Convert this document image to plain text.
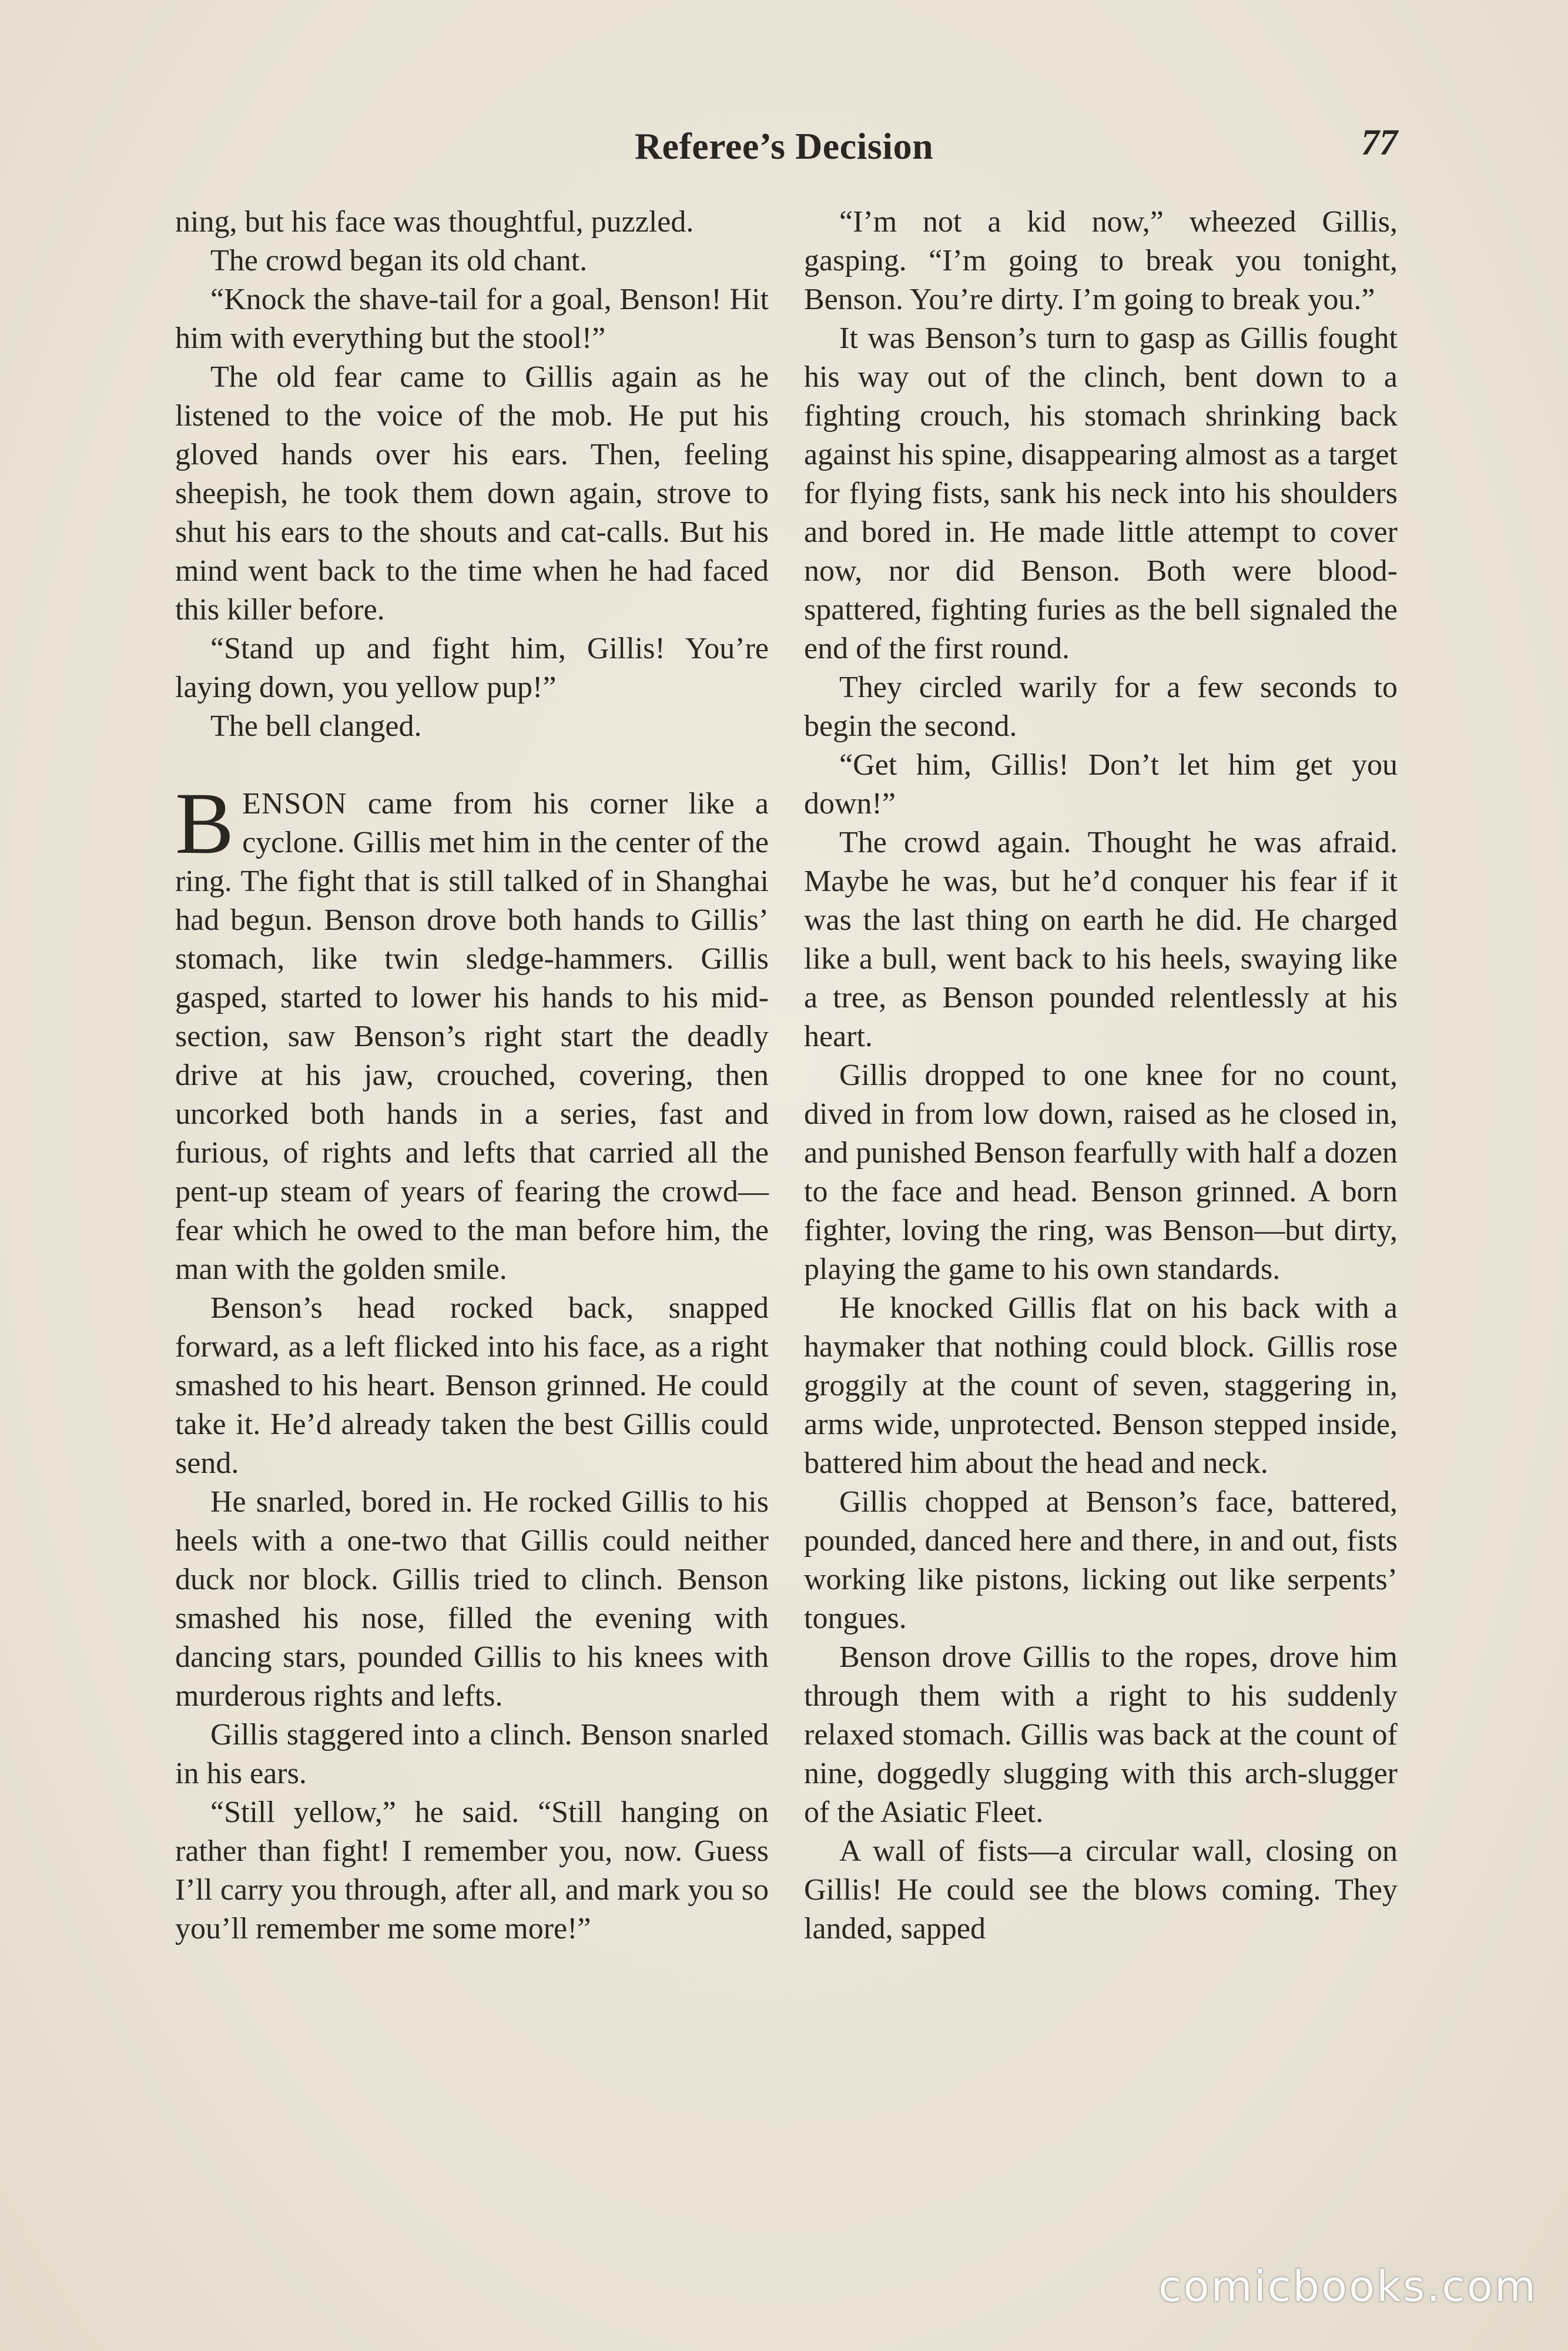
Referee’s Decision	77

ning, but his face was thoughtful, puzzled.

The crowd began its old chant.

“Knock the shave-tail for a goal, Benson! Hit him with everything but the stool!”

The old fear came to Gillis again as he listened to the voice of the mob. He put his gloved hands over his ears. Then, feeling sheepish, he took them down again, strove to shut his ears to the shouts and cat-calls. But his mind went back to the time when he had faced this killer before.

“Stand up and fight him, Gillis! You’re laying down, you yellow pup!”

The bell clanged.

BENSON came from his corner like a cyclone. Gillis met him in the center of the ring. The fight that is still talked of in Shanghai had begun. Benson drove both hands to Gillis’ stomach, like twin sledge-hammers. Gillis gasped, started to lower his hands to his mid-section, saw Benson’s right start the deadly drive at his jaw, crouched, covering, then uncorked both hands in a series, fast and furious, of rights and lefts that carried all the pent-up steam of years of fearing the crowd—fear which he owed to the man before him, the man with the golden smile.

Benson’s head rocked back, snapped forward, as a left flicked into his face, as a right smashed to his heart. Benson grinned. He could take it. He’d already taken the best Gillis could send.

He snarled, bored in. He rocked Gillis to his heels with a one-two that Gillis could neither duck nor block. Gillis tried to clinch. Benson smashed his nose, filled the evening with dancing stars, pounded Gillis to his knees with murderous rights and lefts.

Gillis staggered into a clinch. Benson snarled in his ears.

“Still yellow,” he said. “Still hanging on rather than fight! I remember you, now. Guess I’ll carry you through, after all, and mark you so you’ll remember me some more!”

“I’m not a kid now,” wheezed Gillis, gasping. “I’m going to break you tonight, Benson. You’re dirty. I’m going to break you.”

It was Benson’s turn to gasp as Gillis fought his way out of the clinch, bent down to a fighting crouch, his stomach shrinking back against his spine, disappearing almost as a target for flying fists, sank his neck into his shoulders and bored in. He made little attempt to cover now, nor did Benson. Both were blood-spattered, fighting furies as the bell signaled the end of the first round.

They circled warily for a few seconds to begin the second.

“Get him, Gillis! Don’t let him get you down!”

The crowd again. Thought he was afraid. Maybe he was, but he’d conquer his fear if it was the last thing on earth he did. He charged like a bull, went back to his heels, swaying like a tree, as Benson pounded relentlessly at his heart.

Gillis dropped to one knee for no count, dived in from low down, raised as he closed in, and punished Benson fearfully with half a dozen to the face and head. Benson grinned. A born fighter, loving the ring, was Benson—but dirty, playing the game to his own standards.

He knocked Gillis flat on his back with a haymaker that nothing could block. Gillis rose groggily at the count of seven, staggering in, arms wide, unprotected. Benson stepped inside, battered him about the head and neck.

Gillis chopped at Benson’s face, battered, pounded, danced here and there, in and out, fists working like pistons, licking out like serpents’ tongues.

Benson drove Gillis to the ropes, drove him through them with a right to his suddenly relaxed stomach. Gillis was back at the count of nine, doggedly slugging with this arch-slugger of the Asiatic Fleet.

A wall of fists—a circular wall, closing on Gillis! He could see the blows coming. They landed, sapped

comicbooks.com
